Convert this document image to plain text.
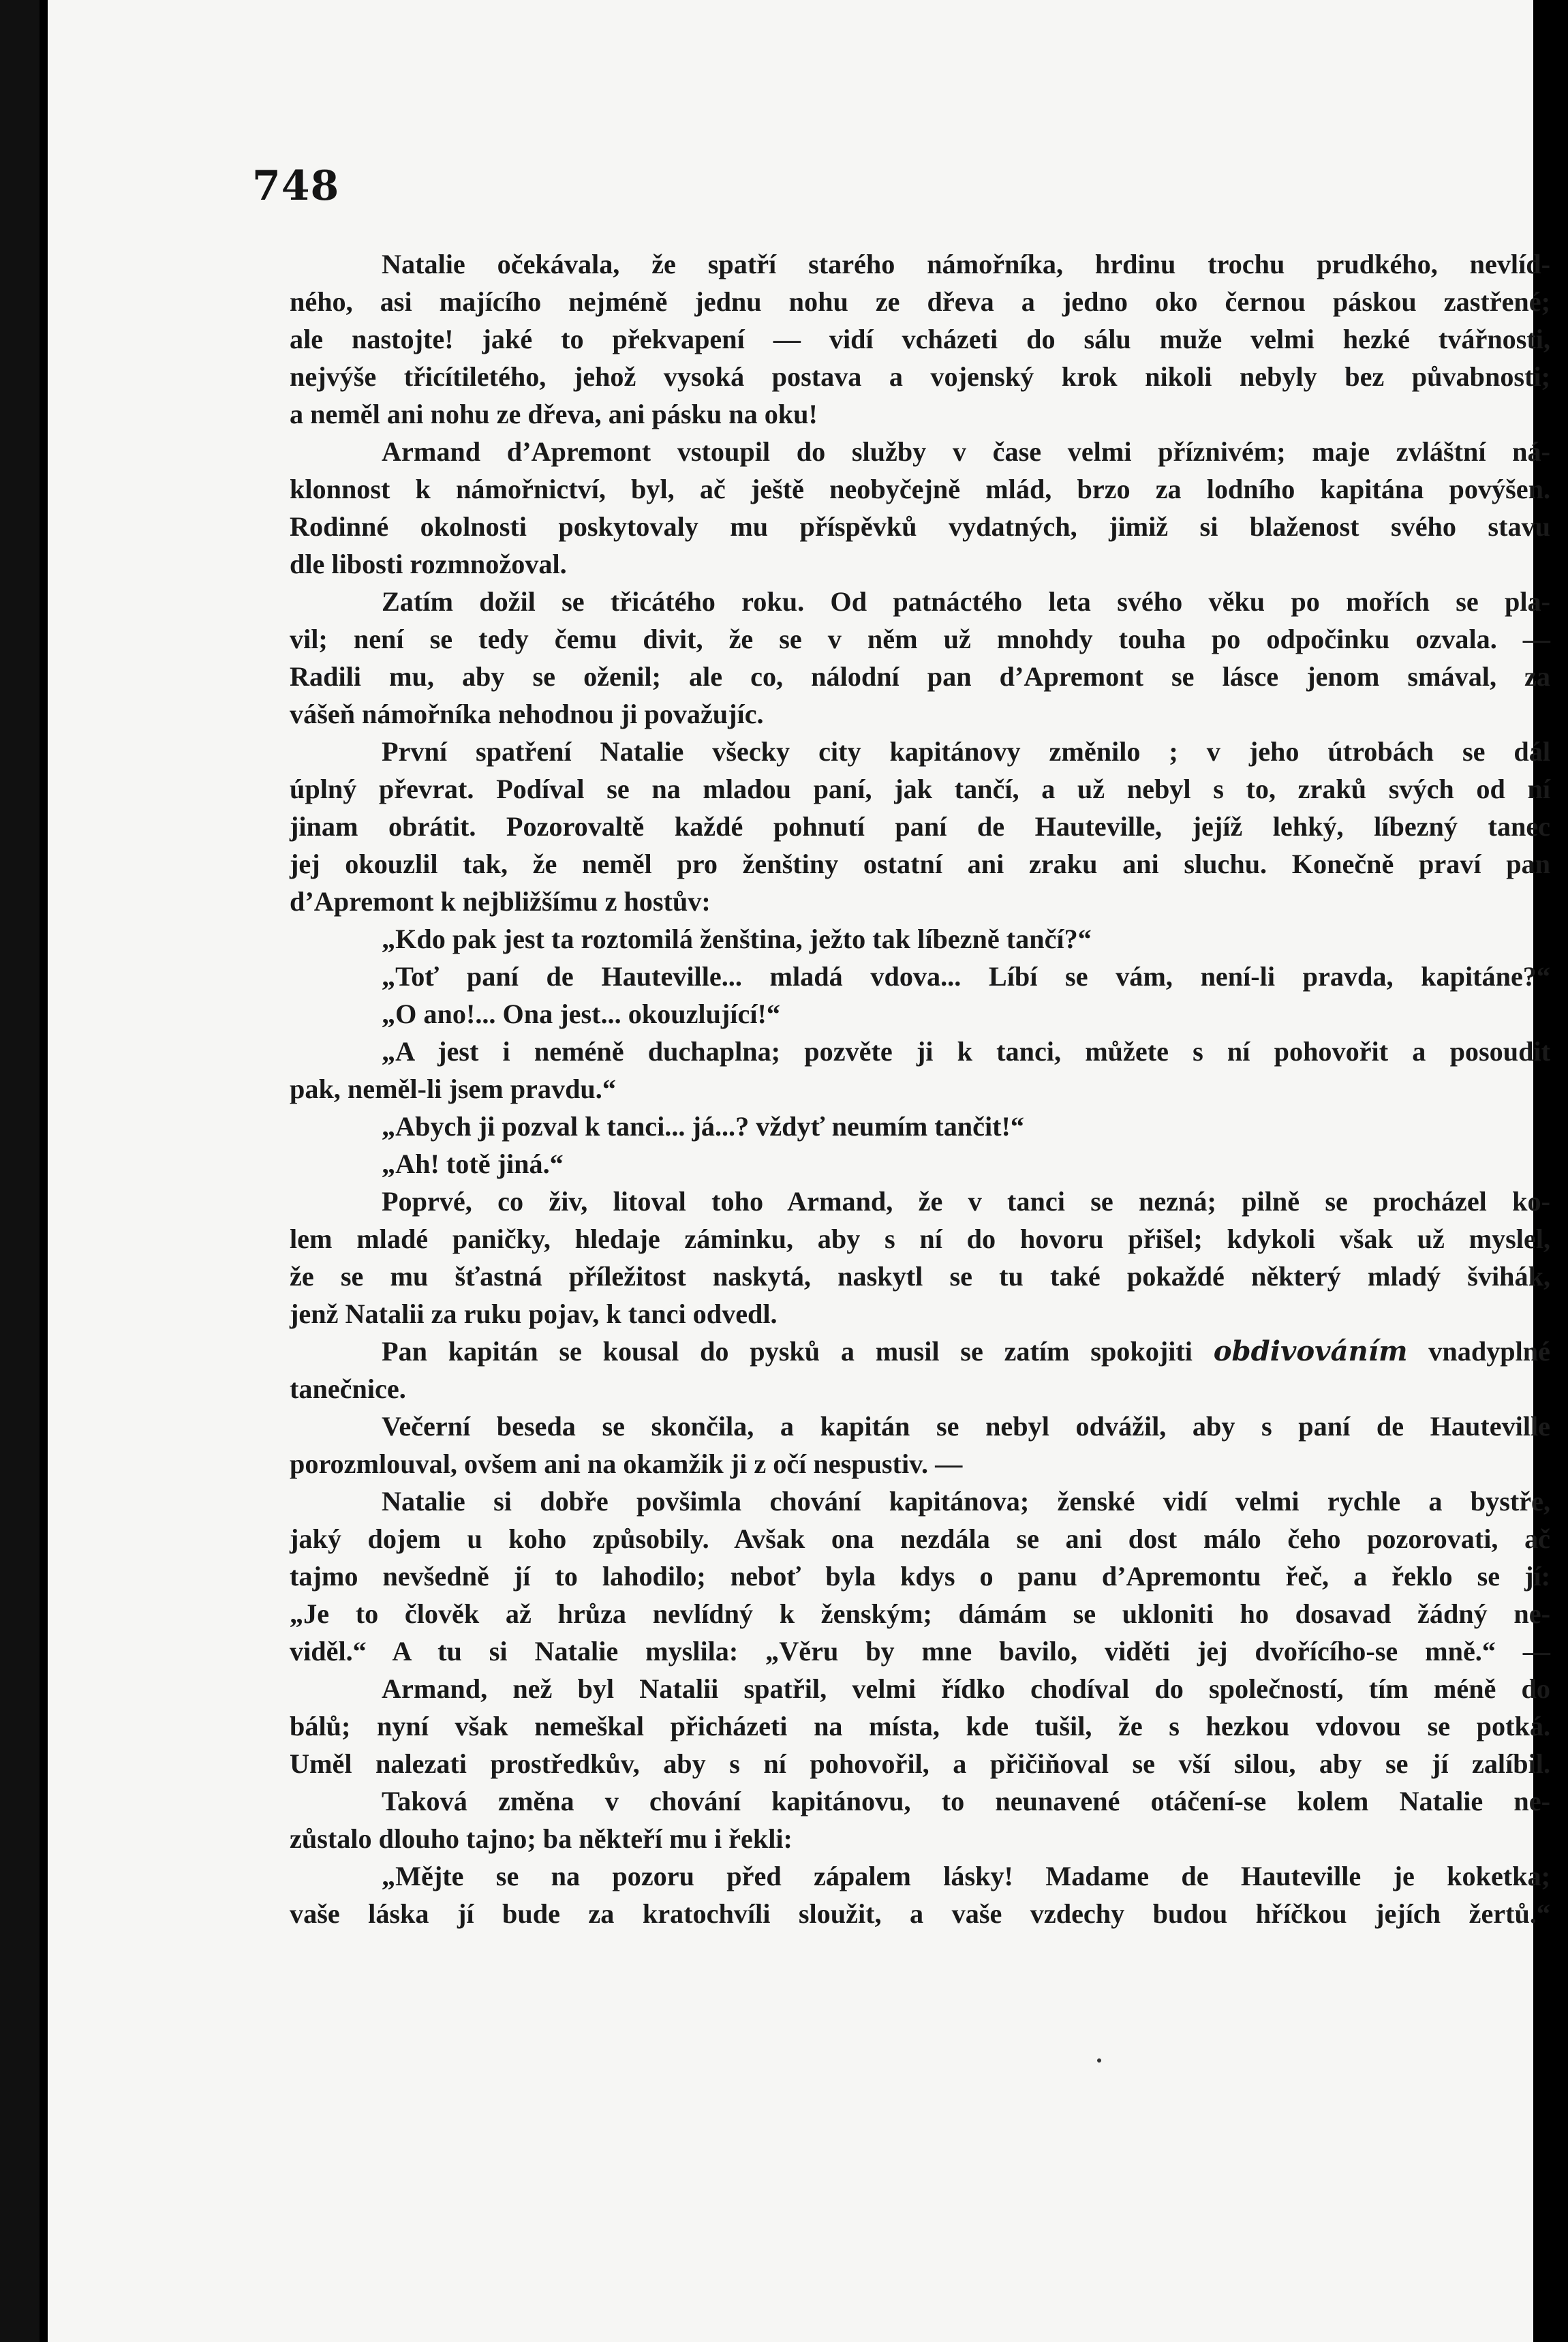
748
Natalie očekávala, že spatří starého námořníka, hrdinu trochu prudkého, nevlíd-
ného, asi majícího nejméně jednu nohu ze dřeva a jedno oko černou páskou zastřené;
ale nastojte! jaké to překvapení — vidí vcházeti do sálu muže velmi hezké tvářnosti,
nejvýše třicítiletého, jehož vysoká postava a vojenský krok nikoli nebyly bez půvabnosti;
a neměl ani nohu ze dřeva, ani pásku na oku!
Armand d’Apremont vstoupil do služby v čase velmi příznivém; maje zvláštní ná-
klonnost k námořnictví, byl, ač ještě neobyčejně mlád, brzo za lodního kapitána povýšen.
Rodinné okolnosti poskytovaly mu příspěvků vydatných, jimiž si blaženost svého stavu
dle libosti rozmnožoval.
Zatím dožil se třicátého roku. Od patnáctého leta svého věku po mořích se pla-
vil; není se tedy čemu divit, že se v něm už mnohdy touha po odpočinku ozvala. —
Radili mu, aby se oženil; ale co, nálodní pan d’Apremont se lásce jenom smával, za
vášeň námořníka nehodnou ji považujíc.
První spatření Natalie všecky city kapitánovy změnilo ; v jeho útrobách se dál
úplný převrat. Podíval se na mladou paní, jak tančí, a už nebyl s to, zraků svých od ní
jinam obrátit. Pozorovaltě každé pohnutí paní de Hauteville, jejíž lehký, líbezný tanec
jej okouzlil tak, že neměl pro ženštiny ostatní ani zraku ani sluchu. Konečně praví pan
d’Apremont k nejbližšímu z hostův:
„Kdo pak jest ta roztomilá ženština, ježto tak líbezně tančí?“
„Toť paní de Hauteville... mladá vdova... Líbí se vám, není-li pravda, kapitáne?“
„O ano!... Ona jest... okouzlující!“
„A jest i neméně duchaplna; pozvěte ji k tanci, můžete s ní pohovořit a posoudit
pak, neměl-li jsem pravdu.“
„Abych ji pozval k tanci... já...? vždyť neumím tančit!“
„Ah! totě jiná.“
Poprvé, co živ, litoval toho Armand, že v tanci se nezná; pilně se procházel ko-
lem mladé paničky, hledaje záminku, aby s ní do hovoru přišel; kdykoli však už myslel,
že se mu šťastná příležitost naskytá, naskytl se tu také pokaždé některý mladý švihák,
jenž Natalii za ruku pojav, k tanci odvedl.
Pan kapitán se kousal do pysků a musil se zatím spokojiti obdivováním vnadyplné
tanečnice.
Večerní beseda se skončila, a kapitán se nebyl odvážil, aby s paní de Hauteville
porozmlouval, ovšem ani na okamžik ji z očí nespustiv. —
Natalie si dobře povšimla chování kapitánova; ženské vidí velmi rychle a bystře,
jaký dojem u koho způsobily. Avšak ona nezdála se ani dost málo čeho pozorovati, ač
tajmo nevšedně jí to lahodilo; neboť byla kdys o panu d’Apremontu řeč, a řeklo se jí:
„Je to člověk až hrůza nevlídný k ženským; dámám se ukloniti ho dosavad žádný ne-
viděl.“ A tu si Natalie myslila: „Věru by mne bavilo, viděti jej dvořícího-se mně.“ —
Armand, než byl Natalii spatřil, velmi řídko chodíval do společností, tím méně do
bálů; nyní však nemeškal přicházeti na místa, kde tušil, že s hezkou vdovou se potká.
Uměl nalezati prostředkův, aby s ní pohovořil, a přičiňoval se vší silou, aby se jí zalíbil.
Taková změna v chování kapitánovu, to neunavené otáčení-se kolem Natalie ne-
zůstalo dlouho tajno; ba někteří mu i řekli:
„Mějte se na pozoru před zápalem lásky! Madame de Hauteville je koketka;
vaše láska jí bude za kratochvíli sloužit, a vaše vzdechy budou hříčkou jejích žertů.“
